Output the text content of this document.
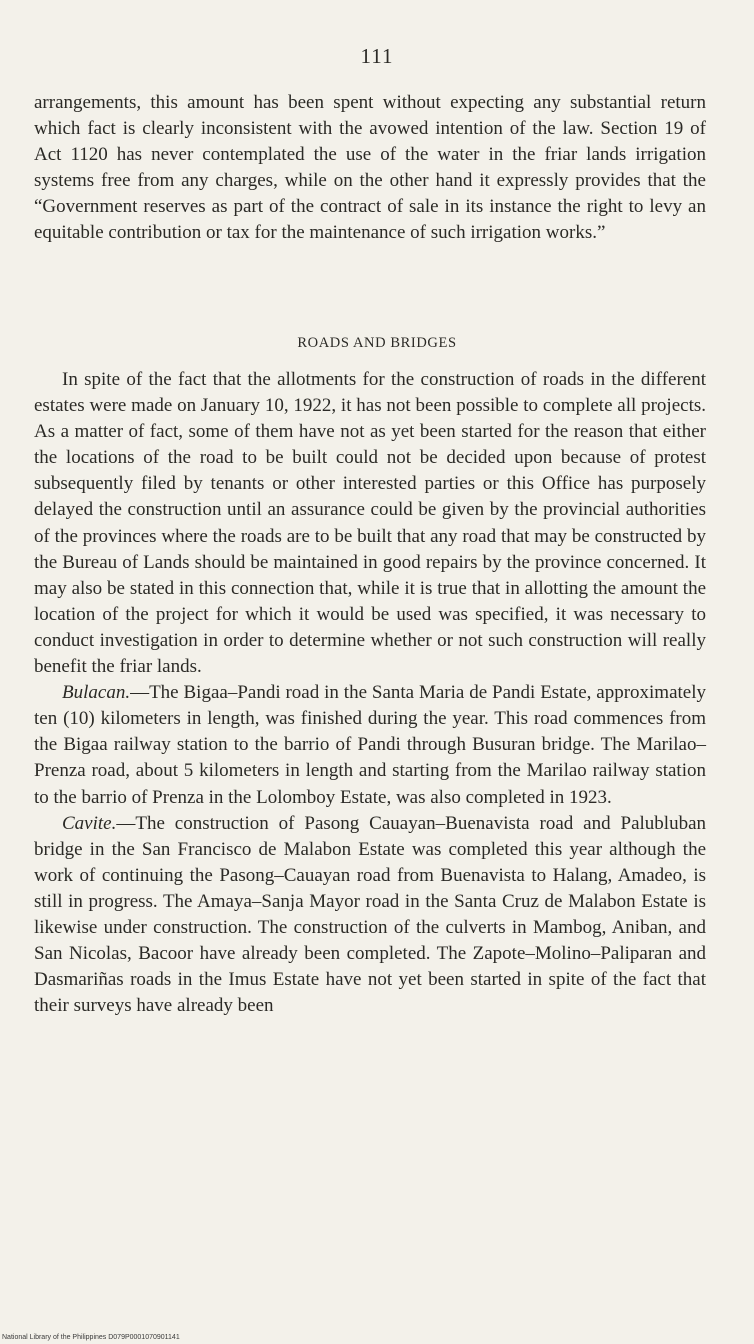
111

arrangements, this amount has been spent without expecting any substantial return which fact is clearly inconsistent with the avowed intention of the law. Section 19 of Act 1120 has never contemplated the use of the water in the friar lands irrigation systems free from any charges, while on the other hand it expressly provides that the “Government reserves as part of the contract of sale in its instance the right to levy an equitable contribution or tax for the maintenance of such irrigation works.”

ROADS AND BRIDGES

In spite of the fact that the allotments for the construction of roads in the different estates were made on January 10, 1922, it has not been possible to complete all projects. As a matter of fact, some of them have not as yet been started for the reason that either the locations of the road to be built could not be decided upon because of protest subsequently filed by tenants or other interested parties or this Office has purposely delayed the construction until an assurance could be given by the provincial authorities of the provinces where the roads are to be built that any road that may be constructed by the Bureau of Lands should be maintained in good repairs by the province concerned. It may also be stated in this connection that, while it is true that in allotting the amount the location of the project for which it would be used was specified, it was necessary to conduct investigation in order to determine whether or not such construction will really benefit the friar lands.

Bulacan.—The Bigaa–Pandi road in the Santa Maria de Pandi Estate, approximately ten (10) kilometers in length, was finished during the year. This road commences from the Bigaa railway station to the barrio of Pandi through Busuran bridge. The Marilao–Prenza road, about 5 kilometers in length and starting from the Marilao railway station to the barrio of Prenza in the Lolomboy Estate, was also completed in 1923.

Cavite.—The construction of Pasong Cauayan–Buenavista road and Palubluban bridge in the San Francisco de Malabon Estate was completed this year although the work of continuing the Pasong–Cauayan road from Buenavista to Halang, Amadeo, is still in progress. The Amaya–Sanja Mayor road in the Santa Cruz de Malabon Estate is likewise under construction. The construction of the culverts in Mambog, Aniban, and San Nicolas, Bacoor have already been completed. The Zapote–Molino–Paliparan and Dasmariñas roads in the Imus Estate have not yet been started in spite of the fact that their surveys have already been

National Library of the Philippines D079P0001070901141
